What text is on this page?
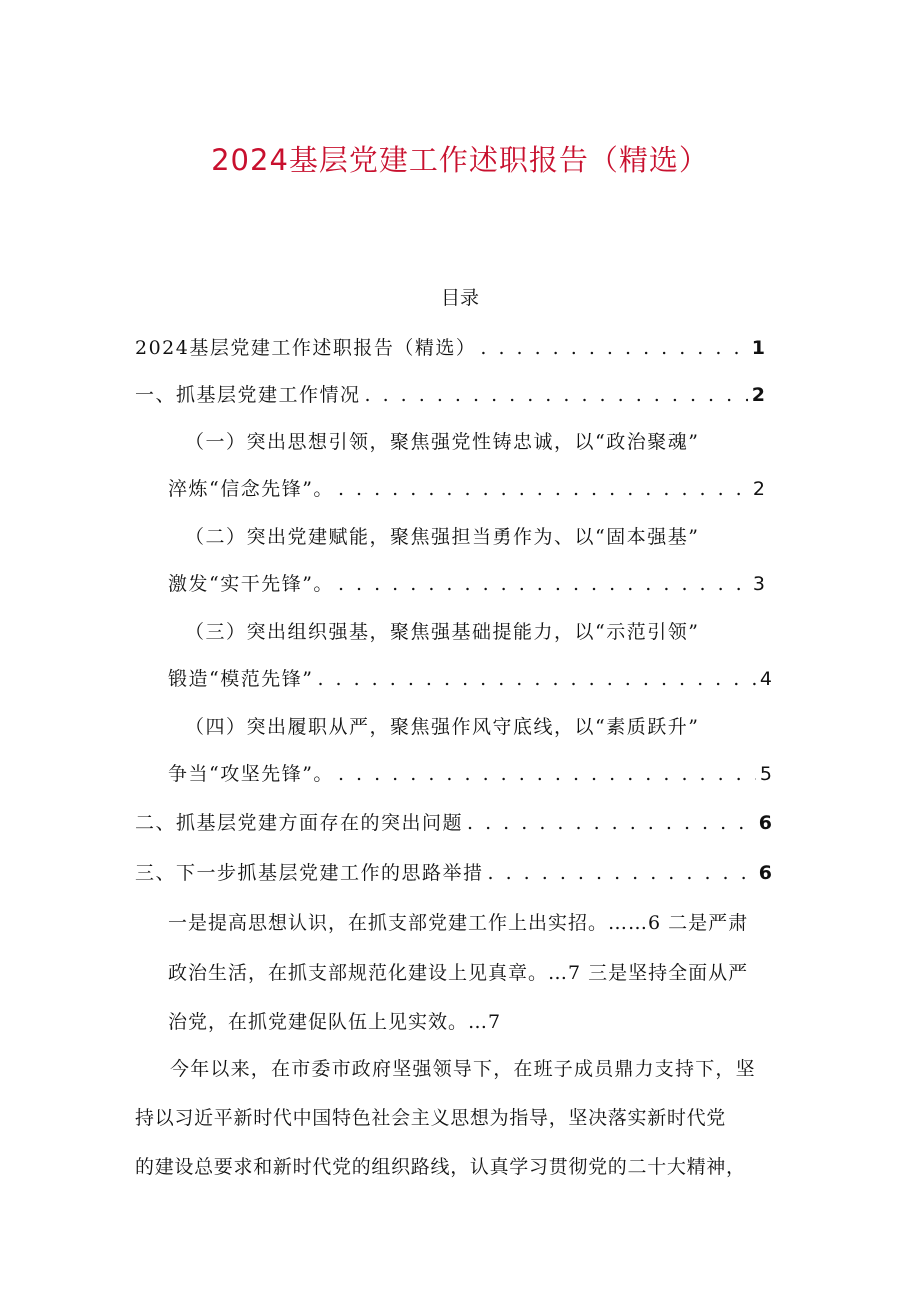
2024基层党建工作述职报告（精选）
目录
2024基层党建工作述职报告（精选） . . .	1
一、抓基层党建工作情况 . . .	2
（一）突出思想引领，聚焦强党性铸忠诚，以“政治聚魂”
淬炼“信念先锋”。 . . .	2
（二）突出党建赋能，聚焦强担当勇作为、以“固本强基”
激发“实干先锋”。 . . .	3
（三）突出组织强基，聚焦强基础提能力，以“示范引领”
锻造“模范先锋” . . .	4
（四）突出履职从严，聚焦强作风守底线，以“素质跃升”
争当“攻坚先锋”。 . . .	5
二、抓基层党建方面存在的突出问题 . . .	6
三、下一步抓基层党建工作的思路举措 . . .	6
一是提高思想认识，在抓支部党建工作上出实招。……6 二是严肃
政治生活，在抓支部规范化建设上见真章。…7 三是坚持全面从严
治党，在抓党建促队伍上见实效。…7
今年以来，在市委市政府坚强领导下，在班子成员鼎力支持下，坚
持以习近平新时代中国特色社会主义思想为指导，坚决落实新时代党
的建设总要求和新时代党的组织路线，认真学习贯彻党的二十大精神，
